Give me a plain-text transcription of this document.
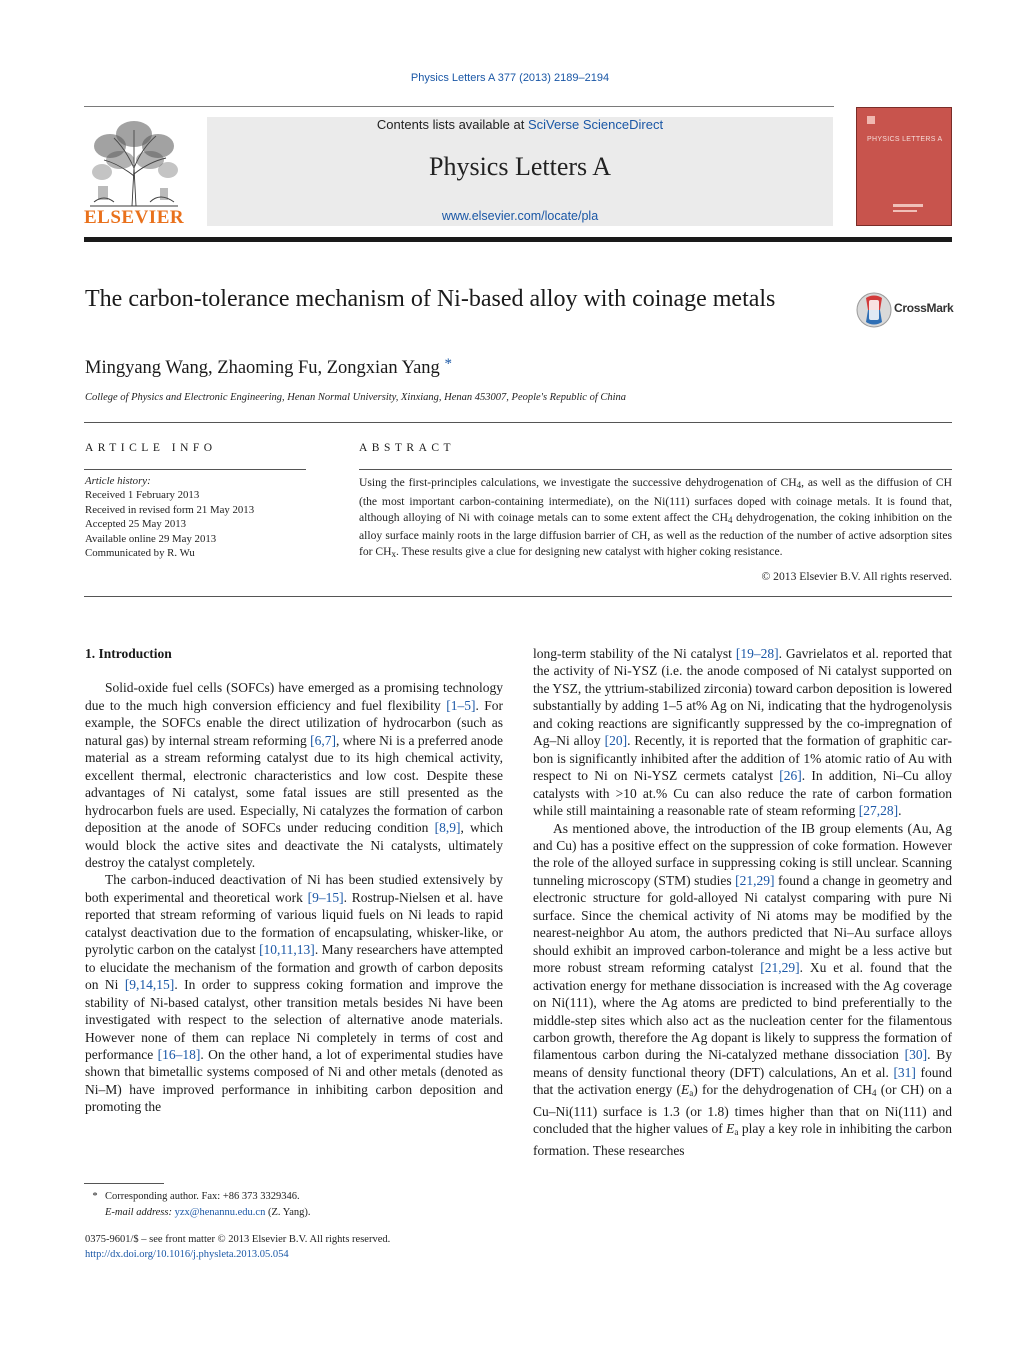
Physics Letters A 377 (2013) 2189–2194
ELSEVIER
Contents lists available at SciVerse ScienceDirect
Physics Letters A
www.elsevier.com/locate/pla
PHYSICS LETTERS A
The carbon-tolerance mechanism of Ni-based alloy with coinage metals	CrossMark
Mingyang Wang, Zhaoming Fu, Zongxian Yang *
College of Physics and Electronic Engineering, Henan Normal University, Xinxiang, Henan 453007, People's Republic of China
ARTICLE INFO	ABSTRACT
Article history:
Received 1 February 2013
Received in revised form 21 May 2013
Accepted 25 May 2013
Available online 29 May 2013
Communicated by R. Wu
Using the first-principles calculations, we investigate the successive dehydrogenation of $CH_4$, as well as the diffusion of CH (the most important carbon-containing intermediate), on the Ni(111) surfaces doped with coinage metals. It is found that, although alloying of Ni with coinage metals can to some extent affect the $CH_4$ dehydrogenation, the coking inhibition on the alloy surface mainly roots in the large diffusion barrier of CH, as well as the reduction of the number of active adsorption sites for $CH_x$. These results give a clue for designing new catalyst with higher coking resistance.
© 2013 Elsevier B.V. All rights reserved.
1. Introduction

Solid-oxide fuel cells (SOFCs) have emerged as a promising technology due to the much high conversion efficiency and fuel flexibility [1–5]. For example, the SOFCs enable the direct utilization of hydrocarbon (such as natural gas) by internal stream reforming [6,7], where Ni is a preferred anode material as a stream reforming catalyst due to its high chemical activity, excellent thermal, electronic characteristics and low cost. Despite these advantages of Ni catalyst, some fatal issues are still presented as the hydrocarbon fuels are used. Especially, Ni catalyzes the formation of carbon deposition at the anode of SOFCs under reducing condition [8,9], which would block the active sites and deactivate the Ni catalysts, ultimately destroy the catalyst completely.

The carbon-induced deactivation of Ni has been studied extensively by both experimental and theoretical work [9–15]. Rostrup-Nielsen et al. have reported that stream reforming of various liquid fuels on Ni leads to rapid catalyst deactivation due to the formation of encapsulating, whisker-like, or pyrolytic carbon on the catalyst [10,11,13]. Many researchers have attempted to elucidate the mechanism of the formation and growth of carbon deposits on Ni [9,14,15]. In order to suppress coking formation and improve the stability of Ni-based catalyst, other transition metals besides Ni have been investigated with respect to the selection of alternative anode materials. However none of them can replace Ni completely in terms of cost and performance [16–18]. On the other hand, a lot of experimental studies have shown that bimetallic systems composed of Ni and other metals (denoted as Ni–M) have improved performance in inhibiting carbon deposition and promoting the

long-term stability of the Ni catalyst [19–28]. Gavrielatos et al. reported that the activity of Ni-YSZ (i.e. the anode composed of Ni catalyst supported on the YSZ, the yttrium-stabilized zirconia) toward carbon deposition is lowered substantially by adding 1–5 at% Ag on Ni, indicating that the hydrogenolysis and coking reactions are significantly suppressed by the co-impregnation of Ag–Ni alloy [20]. Recently, it is reported that the formation of graphitic carbon is significantly inhibited after the addition of 1% atomic ratio of Au with respect to Ni on Ni-YSZ cermets catalyst [26]. In addition, Ni–Cu alloy catalysts with >10 at.% Cu can also reduce the rate of carbon formation while still maintaining a reasonable rate of steam reforming [27,28].

As mentioned above, the introduction of the IB group elements (Au, Ag and Cu) has a positive effect on the suppression of coke formation. However the role of the alloyed surface in suppressing coking is still unclear. Scanning tunneling microscopy (STM) studies [21,29] found a change in geometry and electronic structure for gold-alloyed Ni catalyst comparing with pure Ni surface. Since the chemical activity of Ni atoms may be modified by the nearest-neighbor Au atom, the authors predicted that Ni–Au surface alloys should exhibit an improved carbon-tolerance and might be a less active but more robust stream reforming catalyst [21,29]. Xu et al. found that the activation energy for methane dissociation is increased with the Ag coverage on Ni(111), where the Ag atoms are predicted to bind preferentially to the middle-step sites which also act as the nucleation center for the filamentous carbon growth, therefore the Ag dopant is likely to suppress the formation of filamentous carbon during the Ni-catalyzed methane dissociation [30]. By means of density functional theory (DFT) calculations, An et al. [31] found that the activation energy $(E_a)$ for the dehydrogenation of $CH_4$ (or CH) on a Cu–Ni(111) surface is 1.3 (or 1.8) times higher than that on Ni(111) and concluded that the higher values of $E_a$ play a key role in inhibiting the carbon formation. These researches

* Corresponding author. Fax: +86 373 3329346.
E-mail address: yzx@henannu.edu.cn (Z. Yang).
0375-9601/$ – see front matter © 2013 Elsevier B.V. All rights reserved.
http://dx.doi.org/10.1016/j.physleta.2013.05.054
